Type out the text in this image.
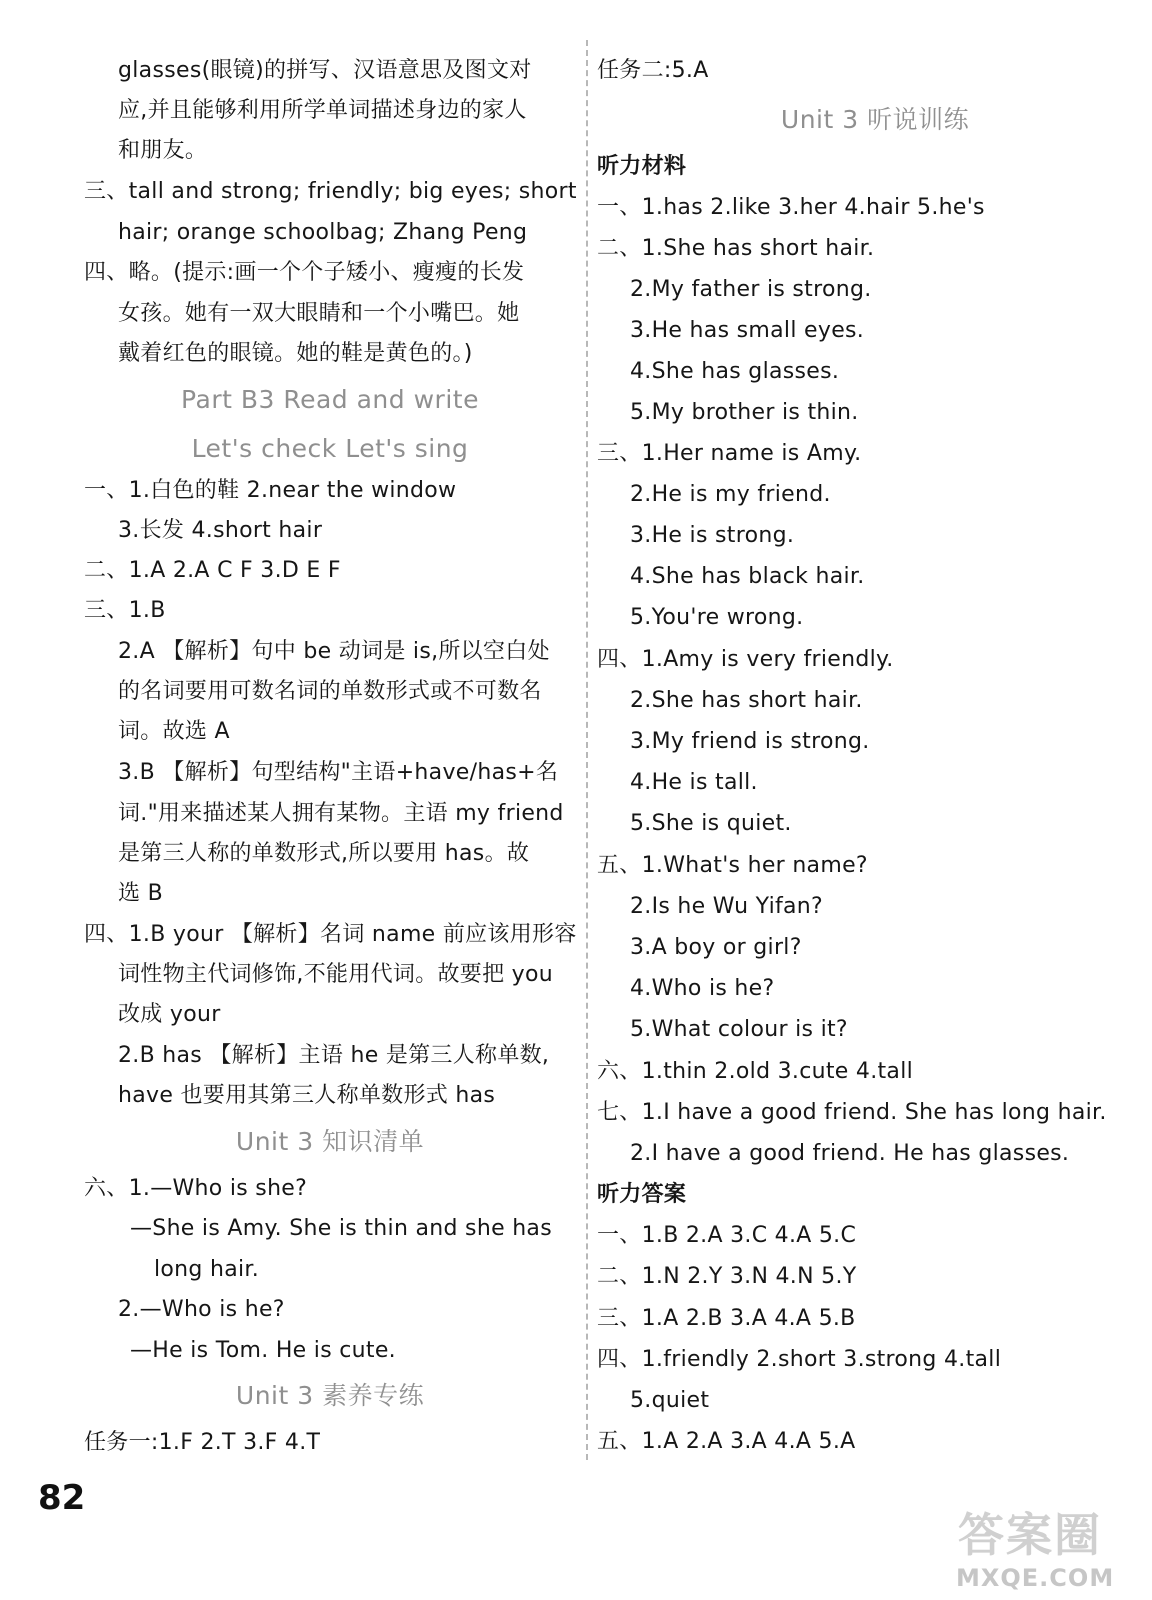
glasses(眼镜)的拼写、汉语意思及图文对
应,并且能够利用所学单词描述身边的家人
和朋友。
三、tall and strong; friendly; big eyes; short
hair; orange schoolbag; Zhang Peng
四、略。(提示:画一个个子矮小、瘦瘦的长发
女孩。她有一双大眼睛和一个小嘴巴。她
戴着红色的眼镜。她的鞋是黄色的。)
Part B3 Read and write
Let's check Let's sing
一、1.白色的鞋 2.near the window
3.长发 4.short hair
二、1.A 2.A C F 3.D E F
三、1.B
2.A 【解析】句中 be 动词是 is,所以空白处
的名词要用可数名词的单数形式或不可数名
词。故选 A
3.B 【解析】句型结构"主语+have/has+名
词."用来描述某人拥有某物。主语 my friend
是第三人称的单数形式,所以要用 has。故
选 B
四、1.B your 【解析】名词 name 前应该用形容
词性物主代词修饰,不能用代词。故要把 you
改成 your
2.B has 【解析】主语 he 是第三人称单数,
have 也要用其第三人称单数形式 has
Unit 3 知识清单
六、1.—Who is she?
—She is Amy. She is thin and she has
long hair.
2.—Who is he?
—He is Tom. He is cute.
Unit 3 素养专练
任务一:1.F 2.T 3.F 4.T
任务二:5.A
Unit 3 听说训练
听力材料
一、1.has 2.like 3.her 4.hair 5.he's
二、1.She has short hair.
2.My father is strong.
3.He has small eyes.
4.She has glasses.
5.My brother is thin.
三、1.Her name is Amy.
2.He is my friend.
3.He is strong.
4.She has black hair.
5.You're wrong.
四、1.Amy is very friendly.
2.She has short hair.
3.My friend is strong.
4.He is tall.
5.She is quiet.
五、1.What's her name?
2.Is he Wu Yifan?
3.A boy or girl?
4.Who is he?
5.What colour is it?
六、1.thin 2.old 3.cute 4.tall
七、1.I have a good friend. She has long hair.
2.I have a good friend. He has glasses.
听力答案
一、1.B 2.A 3.C 4.A 5.C
二、1.N 2.Y 3.N 4.N 5.Y
三、1.A 2.B 3.A 4.A 5.B
四、1.friendly 2.short 3.strong 4.tall
5.quiet
五、1.A 2.A 3.A 4.A 5.A
82
答案圈
MXQE.COM
